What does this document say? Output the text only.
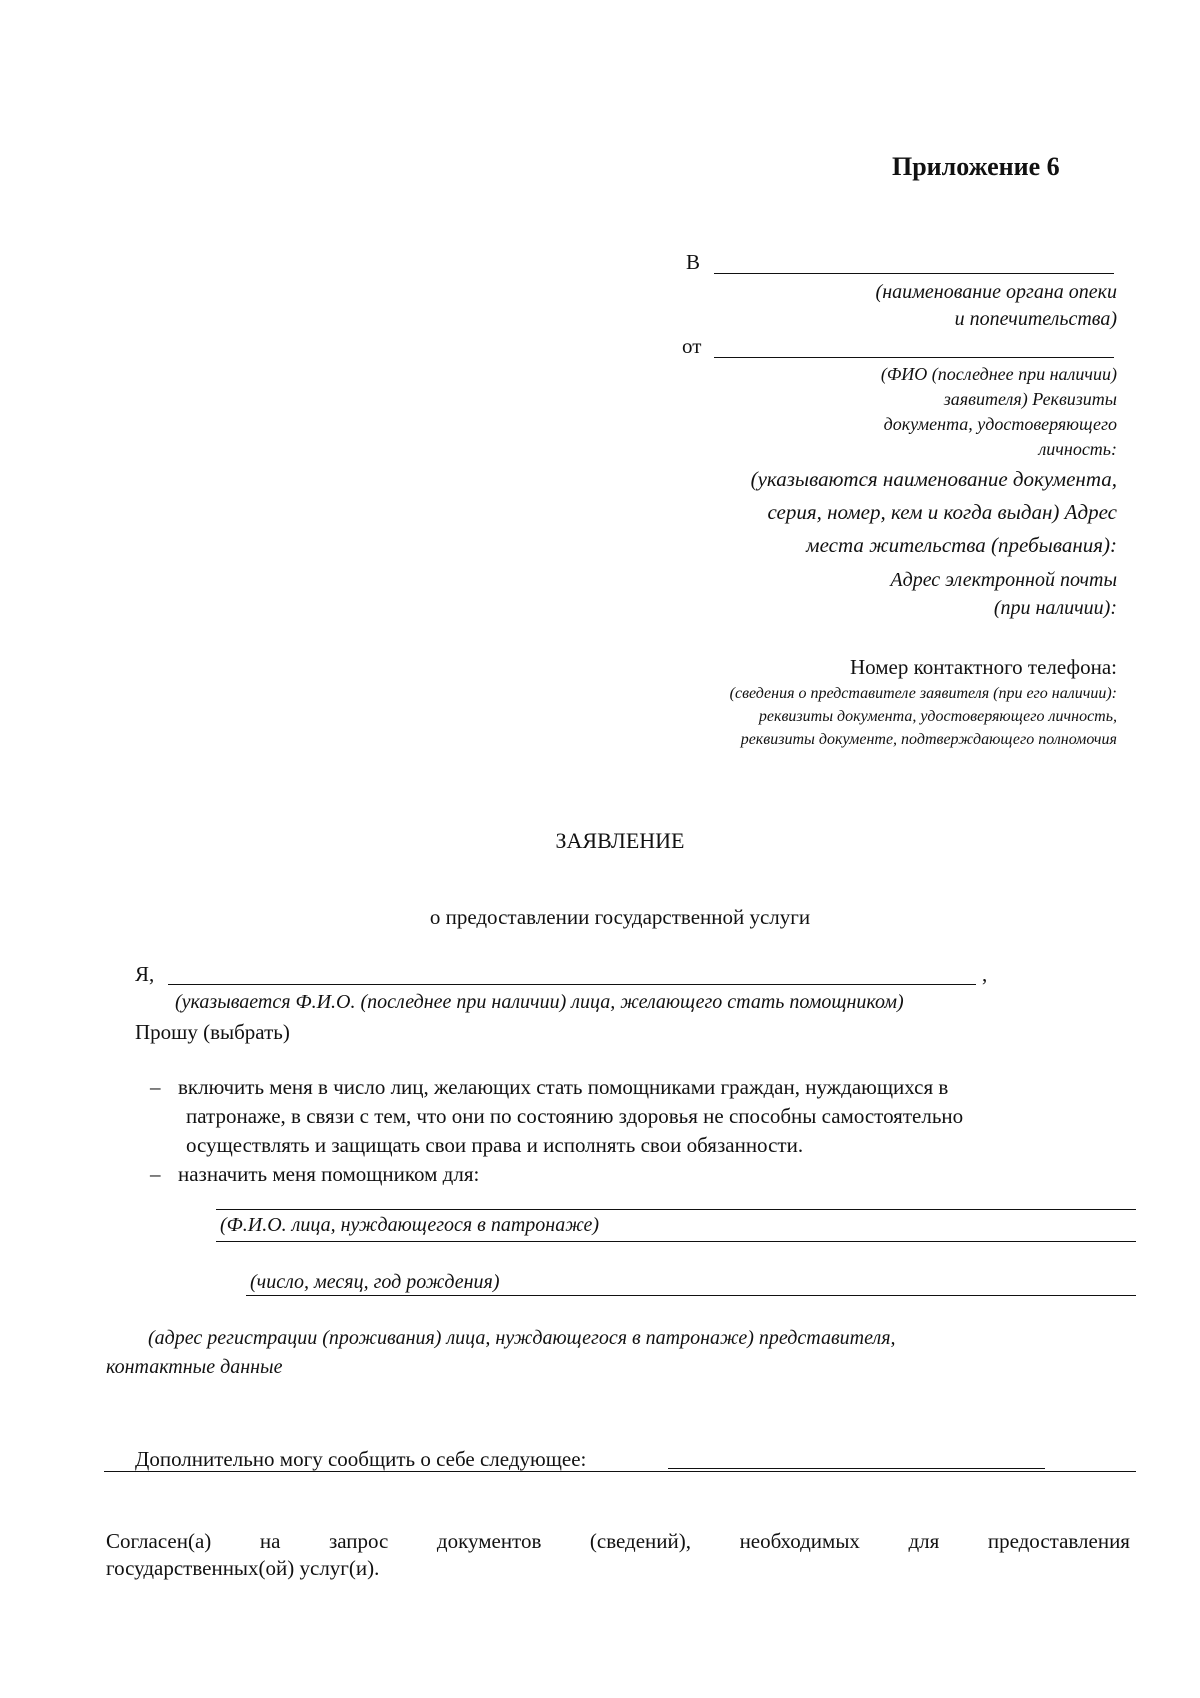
Приложение 6
В
(наименование органа опеки
и попечительства)
от
(ФИО (последнее при наличии)
заявителя) Реквизиты
документа, удостоверяющего
личность:
(указываются наименование документа,
серия, номер, кем и когда выдан) Адрес
места жительства (пребывания):
Адрес электронной почты
(при наличии):
Номер контактного телефона:
(сведения о представителе заявителя (при его наличии):
реквизиты документа, удостоверяющего личность,
реквизиты документе, подтверждающего полномочия
ЗАЯВЛЕНИЕ
о предоставлении государственной услуги
Я,	,
(указывается Ф.И.О. (последнее при наличии) лица, желающего стать помощником)
Прошу (выбрать)
– включить меня в число лиц, желающих стать помощниками граждан, нуждающихся в
патронаже, в связи с тем, что они по состоянию здоровья не способны самостоятельно
осуществлять и защищать свои права и исполнять свои обязанности.
– назначить меня помощником для:
(Ф.И.О. лица, нуждающегося в патронаже)
(число, месяц, год рождения)
(адрес регистрации (проживания) лица, нуждающегося в патронаже) представителя,
контактные данные
Дополнительно могу сообщить о себе следующее:
Согласен(а) на запрос документов (сведений), необходимых для предоставления
государственных(ой) услуг(и).
